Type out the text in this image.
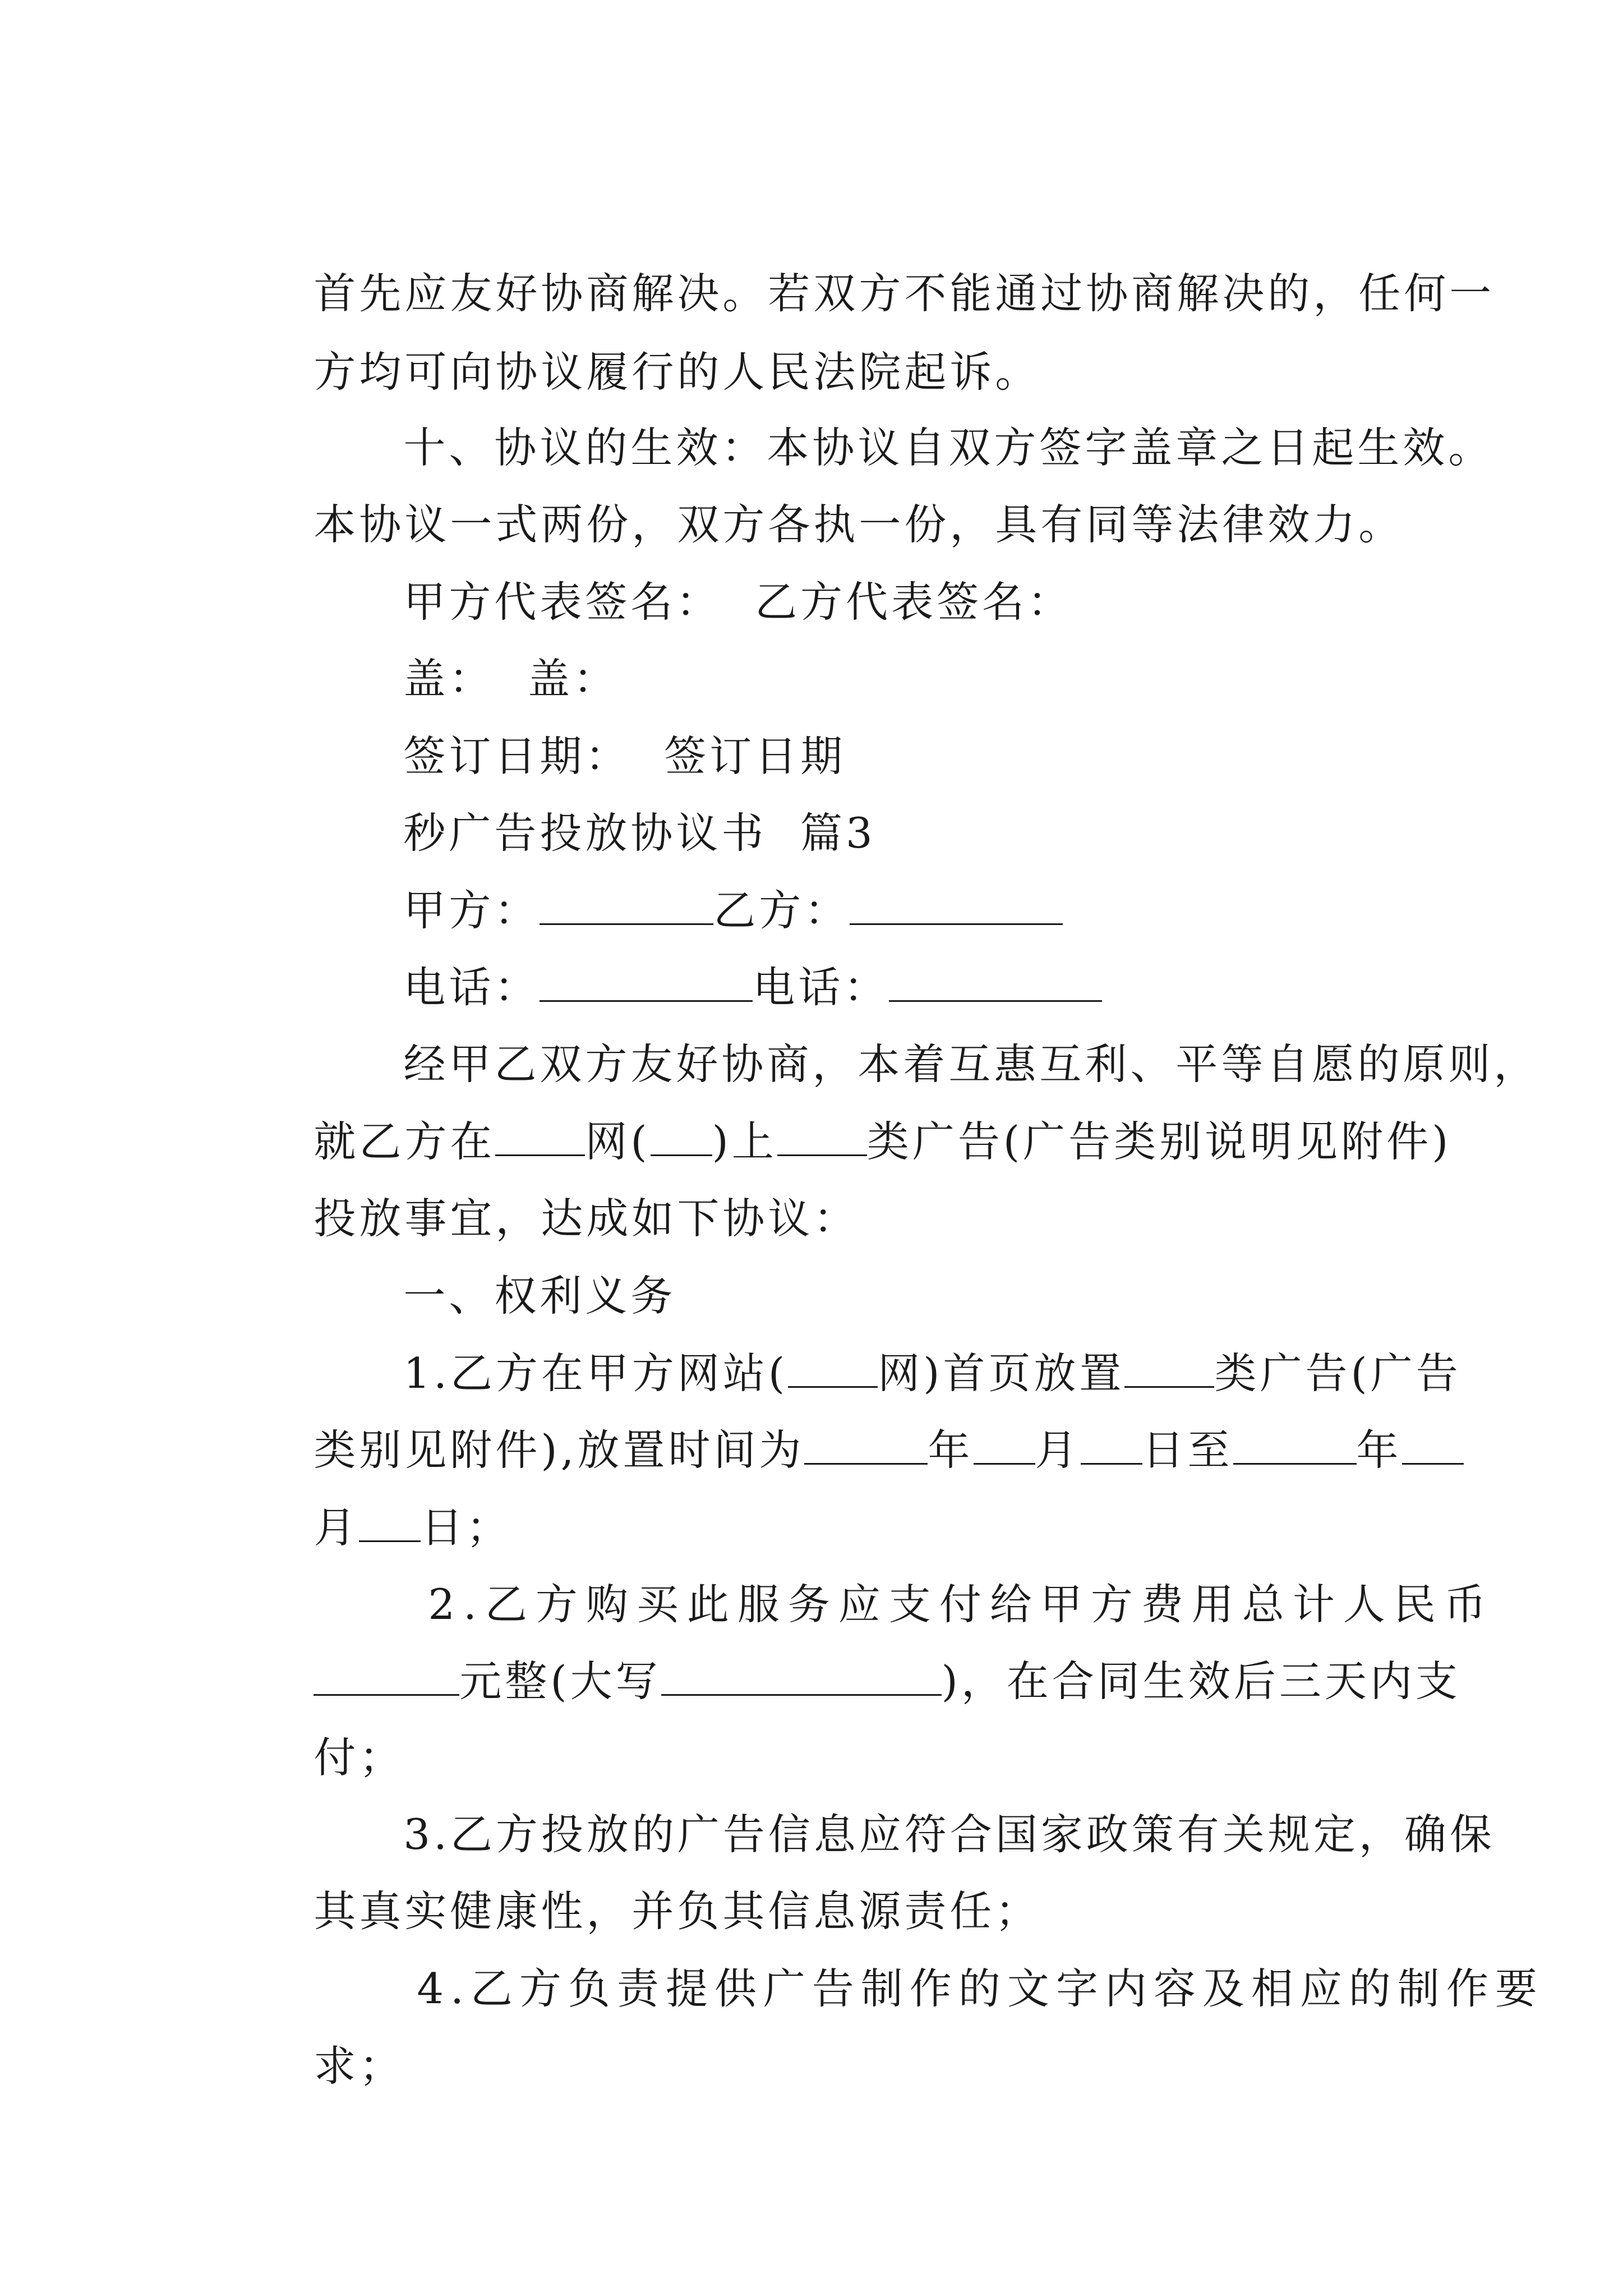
首先应友好协商解决。若双方不能通过协商解决的，任何一

方均可向协议履行的人民法院起诉。

十、协议的生效：本协议自双方签字盖章之日起生效。

本协议一式两份，双方各执一份，具有同等法律效力。

甲方代表签名： 乙方代表签名：

盖： 盖：

签订日期： 签订日期

秒广告投放协议书  篇3

甲方：	乙方：

电话：	电话：

经甲乙双方友好协商，本着互惠互利、平等自愿的原则，

就乙方在 网( )上 类广告(广告类别说明见附件)

投放事宜，达成如下协议：

一、权利义务

1.乙方在甲方网站( 网)首页放置 类广告(广告

类别见附件),放置时间为	年 月 日至	年

月 日；

2.乙方购买此服务应支付给甲方费用总计人民币

元整(大写	)，在合同生效后三天内支

付；

3.乙方投放的广告信息应符合国家政策有关规定，确保

其真实健康性，并负其信息源责任；

4.乙方负责提供广告制作的文字内容及相应的制作要

求；
